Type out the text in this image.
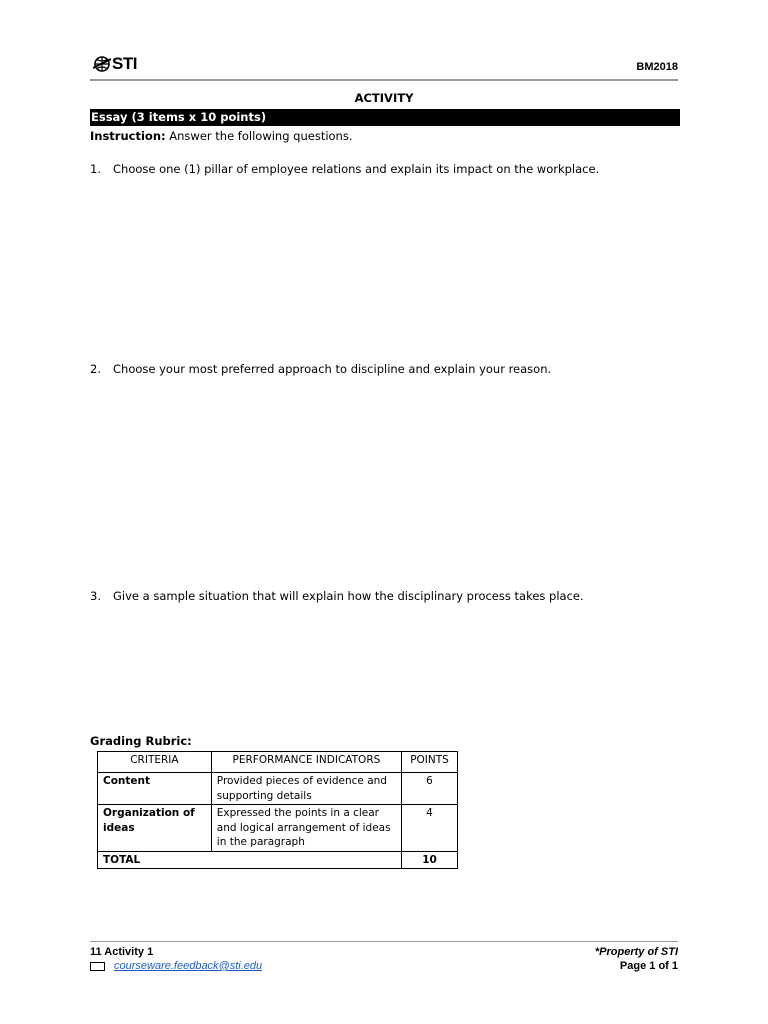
STI	BM2018
ACTIVITY
Essay (3 items x 10 points)
Instruction: Answer the following questions.
1.	Choose one (1) pillar of employee relations and explain its impact on the workplace.
2.	Choose your most preferred approach to discipline and explain your reason.
3.	Give a sample situation that will explain how the disciplinary process takes place.
Grading Rubric:
CRITERIA	PERFORMANCE INDICATORS	POINTS
Content	Provided pieces of evidence and supporting details	6
Organization of ideas	Expressed the points in a clear and logical arrangement of ideas in the paragraph	4
TOTAL		10
11 Activity 1
courseware.feedback@sti.edu
*Property of STI
Page 1 of 1
